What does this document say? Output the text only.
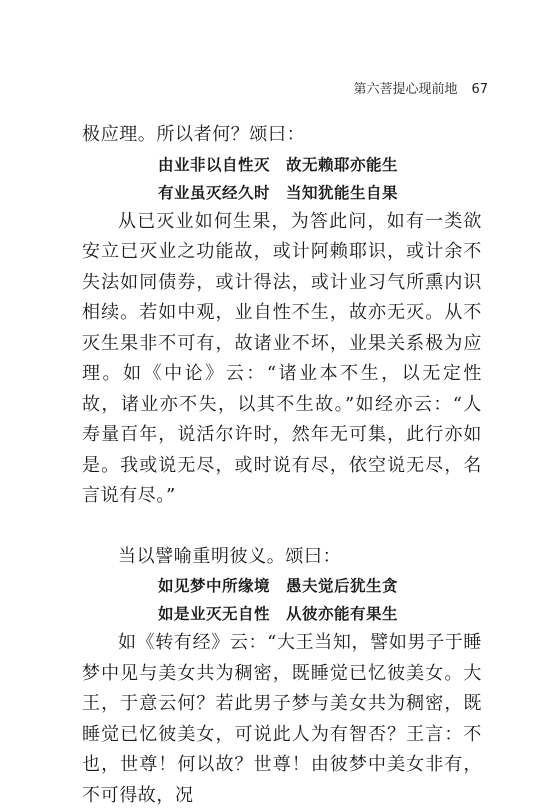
第六菩提心现前地 67

极应理。所以者何？颂曰：

由业非以自性灭 故无赖耶亦能生

有业虽灭经久时 当知犹能生自果

从已灭业如何生果，为答此问，如有一类欲安立已灭业之功能故，或计阿赖耶识，或计余不失法如同债券，或计得法，或计业习气所熏内识相续。若如中观，业自性不生，故亦无灭。从不灭生果非不可有，故诸业不坏，业果关系极为应理。如《中论》云：“诸业本不生，以无定性故，诸业亦不失，以其不生故。”如经亦云：“人寿量百年，说活尔许时，然年无可集，此行亦如是。我或说无尽，或时说有尽，依空说无尽，名言说有尽。”

当以譬喻重明彼义。颂曰：

如见梦中所缘境 愚夫觉后犹生贪

如是业灭无自性 从彼亦能有果生

如《转有经》云：“大王当知，譬如男子于睡梦中见与美女共为稠密，既睡觉已忆彼美女。大王，于意云何？若此男子梦与美女共为稠密，既睡觉已忆彼美女，可说此人为有智否？王言：不也，世尊！何以故？世尊！由彼梦中美女非有，不可得故，况
